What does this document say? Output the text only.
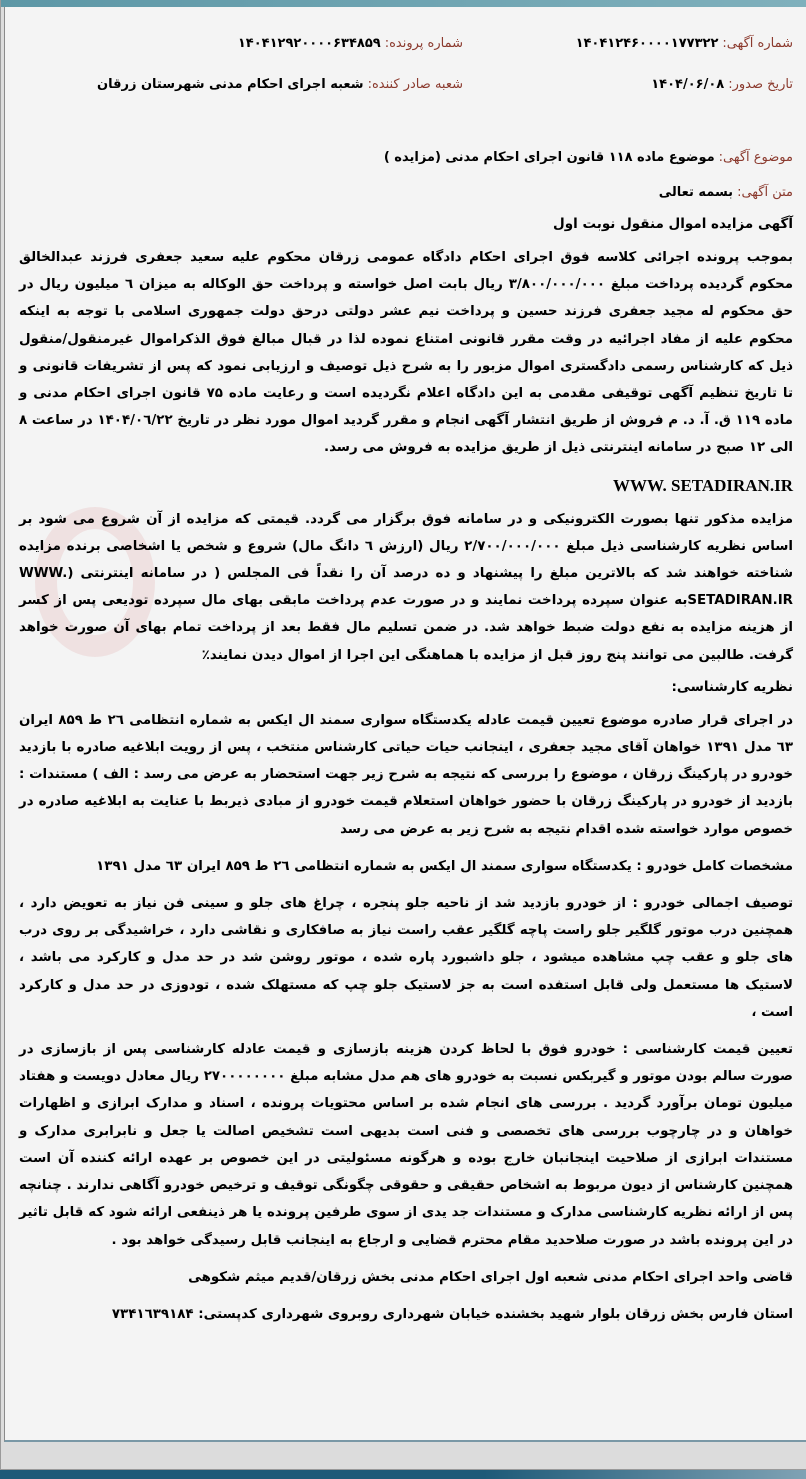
شماره آگهی:۱۴۰۴۱۲۴۶۰۰۰۰۱۷۷۳۲۲
شماره پرونده:۱۴۰۴۱۲۹۲۰۰۰۰۶۳۴۸۵۹
تاریخ صدور:۱۴۰۴/۰۶/۰۸
شعبه صادر کننده:شعبه اجرای احکام مدنی شهرستان زرقان
موضوع آگهی:موضوع ماده ۱۱۸ قانون اجرای احکام مدنی (مزایده )
متن آگهی:بسمه تعالی
آگهی مزایده اموال منقول نوبت اول

بموجب پرونده اجرائی کلاسه فوق اجرای احکام دادگاه عمومی زرقان محکوم علیه سعید جعفری فرزند عبدالخالق محکوم گردیده پرداخت مبلغ ۳/۸۰۰/۰۰۰/۰۰۰ ریال بابت اصل خواسته و پرداخت حق الوکاله به میزان ٦ میلیون ریال در حق محکوم له مجید جعفری فرزند حسین و پرداخت نیم عشر دولتی درحق دولت جمهوری اسلامی با توجه به اینکه محکوم علیه از مفاد اجرائیه در وقت مقرر قانونی امتناع نموده لذا در قبال مبالغ فوق الذکراموال غیرمنقول/منقول ذیل که کارشناس رسمی دادگستری اموال مزبور را به شرح ذیل توصیف و ارزیابی نمود که پس از تشریفات قانونی و تا تاریخ تنظیم آگهی توقیفی مقدمی به این دادگاه اعلام نگردیده است و رعایت ماده ۷۵ قانون اجرای احکام مدنی و ماده ۱۱۹ ق. آ. د. م فروش از طریق انتشار آگهی انجام و مقرر گردید اموال مورد نظر در تاریخ ۱۴۰۴/۰٦/۲۲ در ساعت ۸ الی ۱۲ صبح در سامانه اینترنتی ذیل از طریق مزایده به فروش می رسد.

WWW. SETADIRAN.IR

مزایده مذکور تنها بصورت الکترونیکی و در سامانه فوق برگزار می گردد. قیمتی که مزایده از آن شروع می شود بر اساس نظریه کارشناسی ذیل مبلغ ۲/۷۰۰/۰۰۰/۰۰۰ ریال (ارزش ٦ دانگ مال) شروع و شخص یا اشخاصی برنده مزایده شناخته خواهند شد که بالاترین مبلغ را پیشنهاد و ده درصد آن را نقداً فی المجلس ( در سامانه اینترنتی (WWW. SETADIRAN.IRبه عنوان سپرده پرداخت نمایند و در صورت عدم پرداخت مابقی بهای مال سپرده تودیعی پس از کسر از هزینه مزایده به نفع دولت ضبط خواهد شد. در ضمن تسلیم مال فقط بعد از پرداخت تمام بهای آن صورت خواهد گرفت. طالبین می توانند پنج روز قبل از مزایده با هماهنگی این اجرا از اموال دیدن نمایند٪

نظریه کارشناسی:

در اجرای قرار صادره موضوع تعیین قیمت عادله یکدستگاه سواری سمند ال ایکس به شماره انتظامی ۲٦ ط ۸۵۹ ایران ٦۳ مدل ۱۳۹۱ خواهان آقای مجید جعفری ، اینجانب حیات حیاتی کارشناس منتخب ، پس از رویت ابلاغیه صادره با بازدید خودرو در پارکینگ زرقان ، موضوع را بررسی که نتیجه به شرح زیر جهت استحضار به عرض می رسد : الف ) مستندات : بازدید از خودرو در پارکینگ زرقان با حضور خواهان استعلام قیمت خودرو از مبادی ذیربط با عنایت به ابلاغیه صادره در خصوص موارد خواسته شده اقدام نتیجه به شرح زیر به عرض می رسد

مشخصات کامل خودرو : یکدستگاه سواری سمند ال ایکس به شماره انتظامی ۲٦ ط ۸۵۹ ایران ٦۳ مدل ۱۳۹۱

توصیف اجمالی خودرو : از خودرو بازدید شد از ناحیه جلو پنجره ، چراغ های جلو و سینی فن نیاز به تعویض دارد ، همچنین درب موتور گلگیر جلو راست پاچه گلگیر عقب راست نیاز به صافکاری و نقاشی دارد ، خراشیدگی بر روی درب های جلو و عقب چپ مشاهده میشود ، جلو داشبورد پاره شده ، موتور روشن شد در حد مدل و کارکرد می باشد ، لاستیک ها مستعمل ولی قابل استفده است به جز لاستیک جلو چپ که مستهلک شده ، تودوزی در حد مدل و کارکرد است ،

تعیین قیمت کارشناسی : خودرو فوق با لحاظ کردن هزینه بازسازی و قیمت عادله کارشناسی پس از بازسازی در صورت سالم بودن موتور و گیربکس نسبت به خودرو های هم مدل مشابه مبلغ ۲۷۰۰۰۰۰۰۰۰ ریال معادل دویست و هفتاد میلیون تومان برآورد گردید . بررسی های انجام شده بر اساس محتویات پرونده ، اسناد و مدارک ابرازی و اظهارات خواهان و در چارچوب بررسی های تخصصی و فنی است بدیهی است تشخیص اصالت یا جعل و نابرابری مدارک و مستندات ابرازی از صلاحیت اینجانبان خارج بوده و هرگونه مسئولیتی در این خصوص بر عهده ارائه کننده آن است همچنین کارشناس از دیون مربوط به اشخاص حقیقی و حقوقی چگونگی توقیف و ترخیص خودرو آگاهی ندارند . چنانچه پس از ارائه نظریه کارشناسی مدارک و مستندات جد یدی از سوی طرفین پرونده یا هر ذینفعی ارائه شود که قابل تاثیر در این پرونده باشد در صورت صلاحدید مقام محترم قضایی و ارجاع به اینجانب قابل رسیدگی خواهد بود .

قاضی واحد اجرای احکام مدنی شعبه اول اجرای احکام مدنی بخش زرقان/قدیم میثم شکوهی

استان فارس بخش زرقان بلوار شهید بخشنده خیابان شهرداری روبروی شهرداری کدپستی: ۷۳۴۱٦۳۹۱۸۴
